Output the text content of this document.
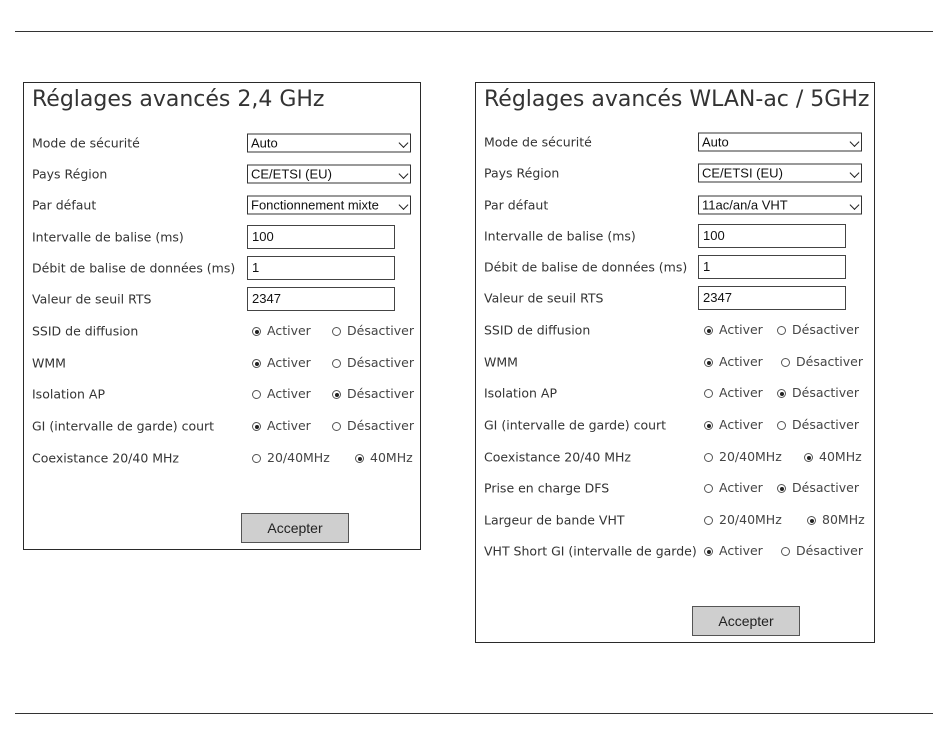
Réglages avancés 2,4 GHz
Mode de sécurité	Auto
Pays Région	CE/ETSI (EU)
Par défaut	Fonctionnement mixte
Intervalle de balise (ms)	100
Débit de balise de données (ms)	1
Valeur de seuil RTS	2347
SSID de diffusion	Activer	Désactiver
WMM	Activer	Désactiver
Isolation AP	Activer	Désactiver
GI (intervalle de garde) court	Activer	Désactiver
Coexistance 20/40 MHz	20/40MHz	40MHz
Accepter
Réglages avancés WLAN-ac / 5GHz
Mode de sécurité	Auto
Pays Région	CE/ETSI (EU)
Par défaut	11ac/an/a VHT
Intervalle de balise (ms)	100
Débit de balise de données (ms)	1
Valeur de seuil RTS	2347
SSID de diffusion	Activer	Désactiver
WMM	Activer	Désactiver
Isolation AP	Activer	Désactiver
GI (intervalle de garde) court	Activer	Désactiver
Coexistance 20/40 MHz	20/40MHz	40MHz
Prise en charge DFS	Activer	Désactiver
Largeur de bande VHT	20/40MHz	80MHz
VHT Short GI (intervalle de garde)	Activer	Désactiver
Accepter
